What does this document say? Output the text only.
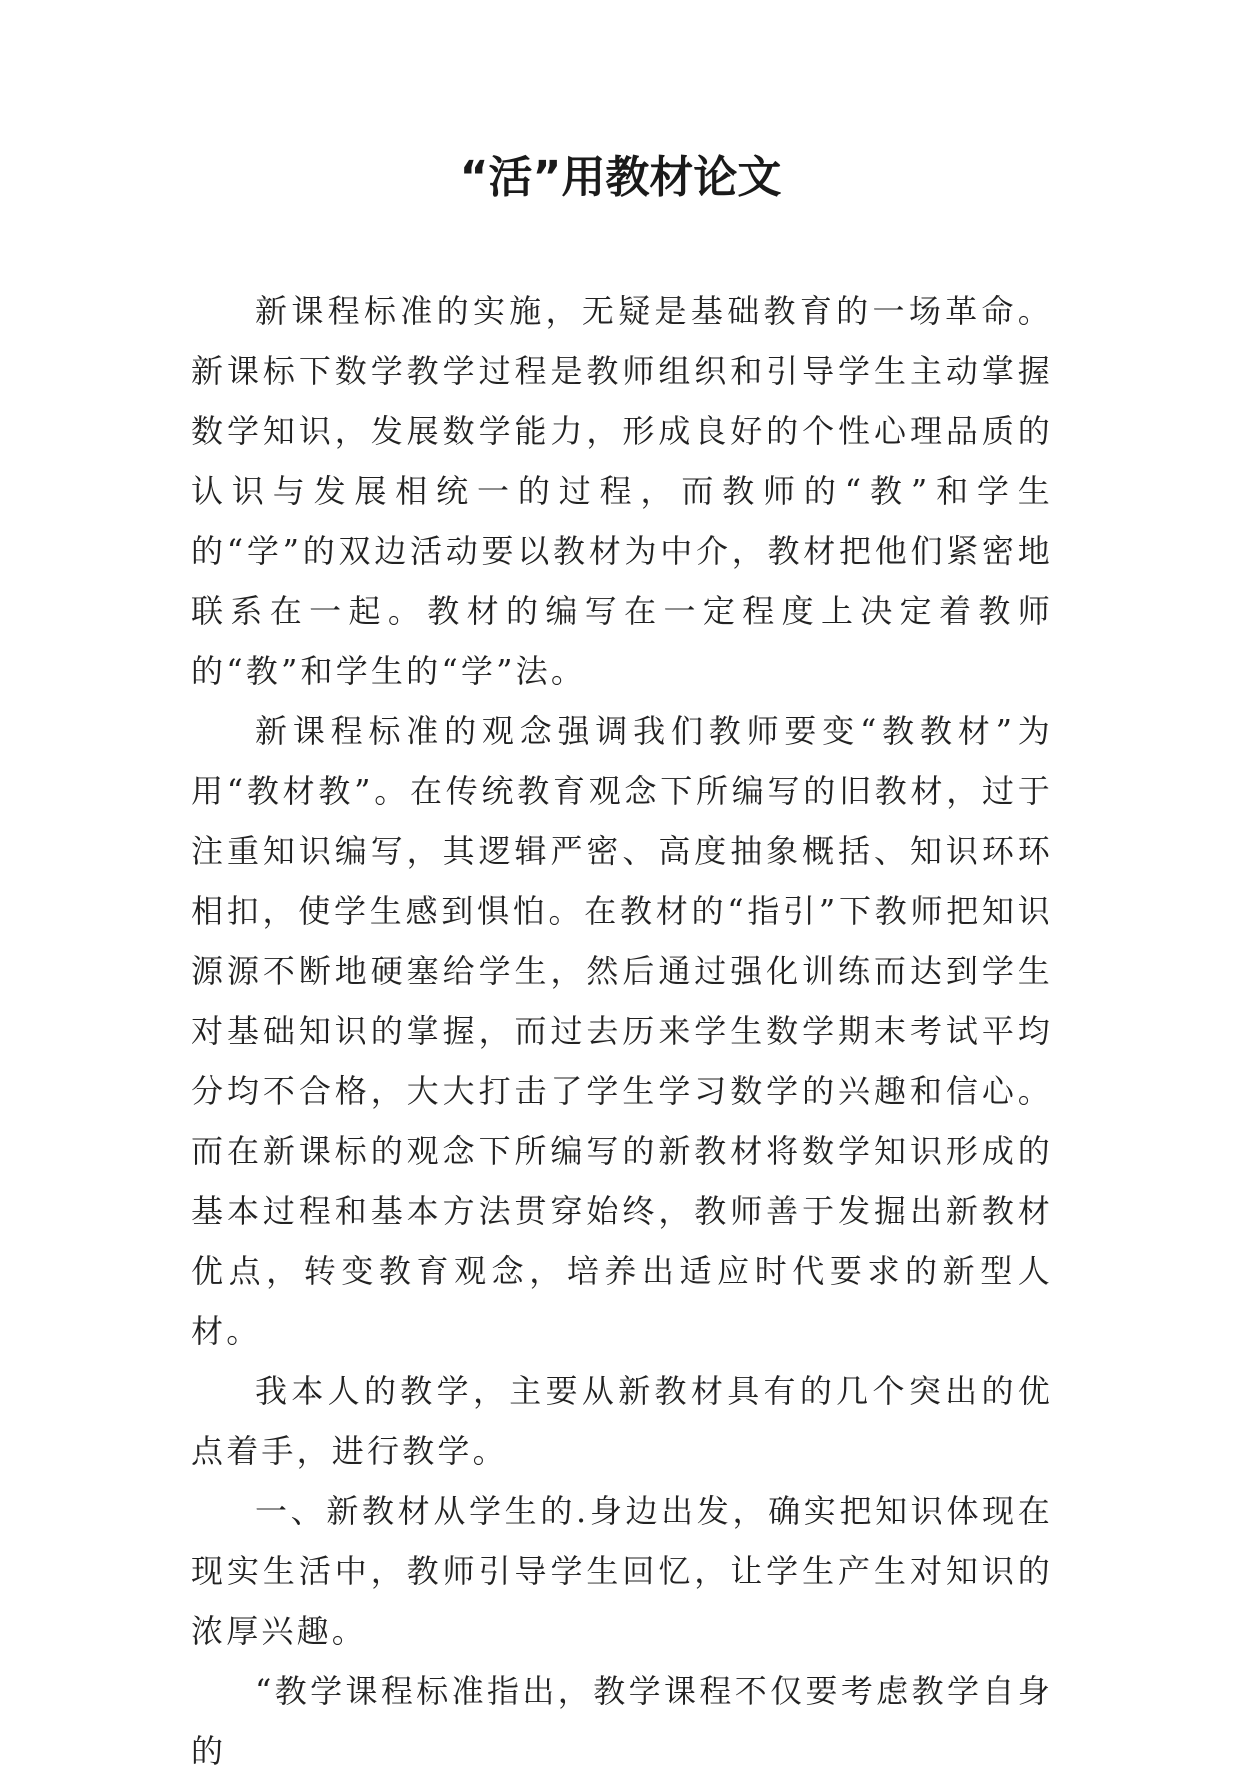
“活”用教材论文

新课程标准的实施，无疑是基础教育的一场革命。新课标下数学教学过程是教师组织和引导学生主动掌握数学知识，发展数学能力，形成良好的个性心理品质的认识与发展相统一的过程，而教师的“教”和学生的“学”的双边活动要以教材为中介，教材把他们紧密地联系在一起。教材的编写在一定程度上决定着教师的“教”和学生的“学”法。

新课程标准的观念强调我们教师要变“教教材”为用“教材教”。在传统教育观念下所编写的旧教材，过于注重知识编写，其逻辑严密、高度抽象概括、知识环环相扣，使学生感到惧怕。在教材的“指引”下教师把知识源源不断地硬塞给学生，然后通过强化训练而达到学生对基础知识的掌握，而过去历来学生数学期末考试平均分均不合格，大大打击了学生学习数学的兴趣和信心。而在新课标的观念下所编写的新教材将数学知识形成的基本过程和基本方法贯穿始终，教师善于发掘出新教材优点，转变教育观念，培养出适应时代要求的新型人材。

我本人的教学，主要从新教材具有的几个突出的优点着手，进行教学。

一、新教材从学生的.身边出发，确实把知识体现在现实生活中，教师引导学生回忆，让学生产生对知识的浓厚兴趣。

“教学课程标准指出，教学课程不仅要考虑教学自身的
